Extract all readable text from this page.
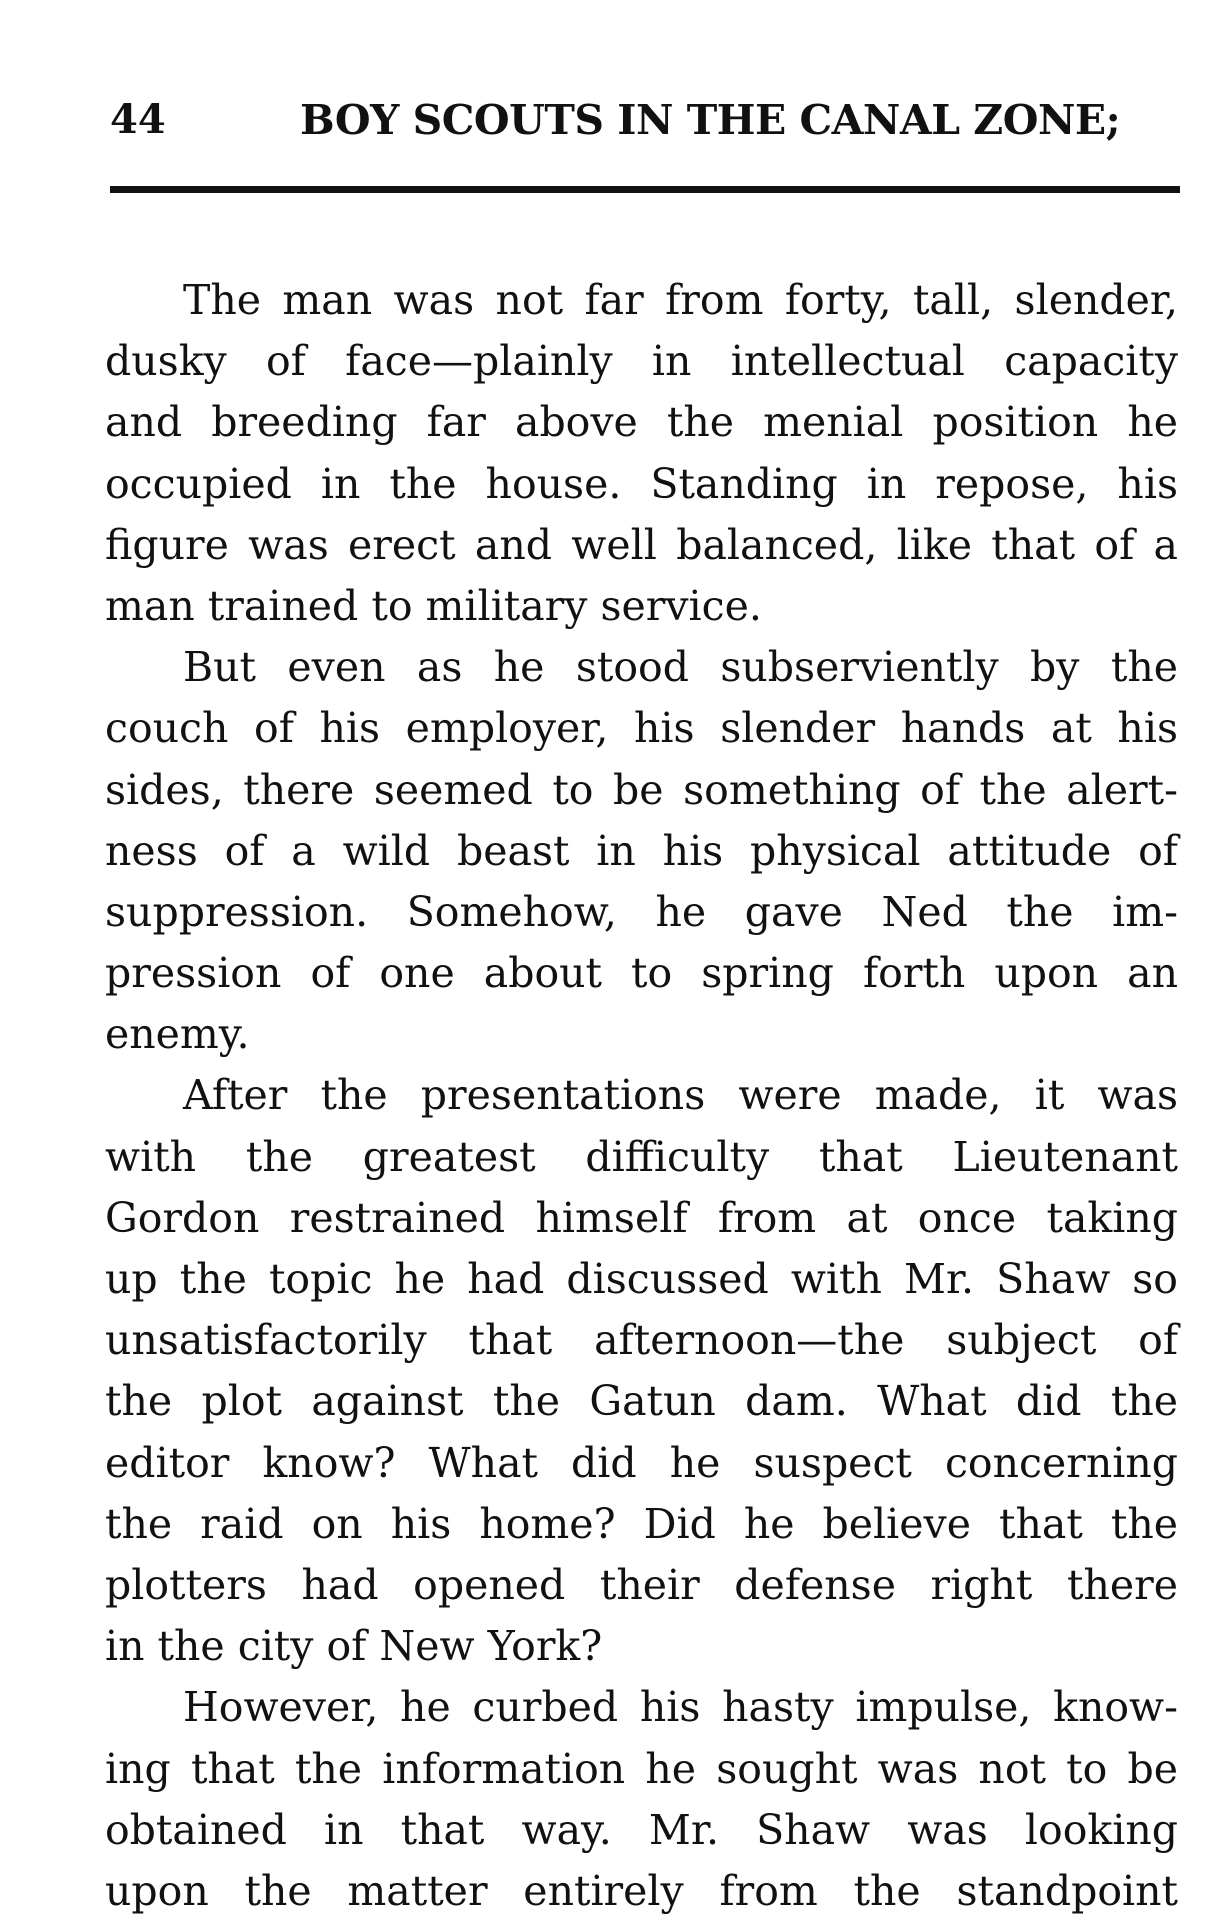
44	BOY SCOUTS IN THE CANAL ZONE;
The man was not far from forty, tall, slender,
dusky of face—plainly in intellectual capacity
and breeding far above the menial position he
occupied in the house. Standing in repose, his
figure was erect and well balanced, like that of a
man trained to military service.
But even as he stood subserviently by the
couch of his employer, his slender hands at his
sides, there seemed to be something of the alert-
ness of a wild beast in his physical attitude of
suppression. Somehow, he gave Ned the im-
pression of one about to spring forth upon an
enemy.
After the presentations were made, it was
with the greatest difficulty that Lieutenant
Gordon restrained himself from at once taking
up the topic he had discussed with Mr. Shaw so
unsatisfactorily that afternoon—the subject of
the plot against the Gatun dam. What did the
editor know? What did he suspect concerning
the raid on his home? Did he believe that the
plotters had opened their defense right there
in the city of New York?
However, he curbed his hasty impulse, know-
ing that the information he sought was not to be
obtained in that way. Mr. Shaw was looking
upon the matter entirely from the standpoint
